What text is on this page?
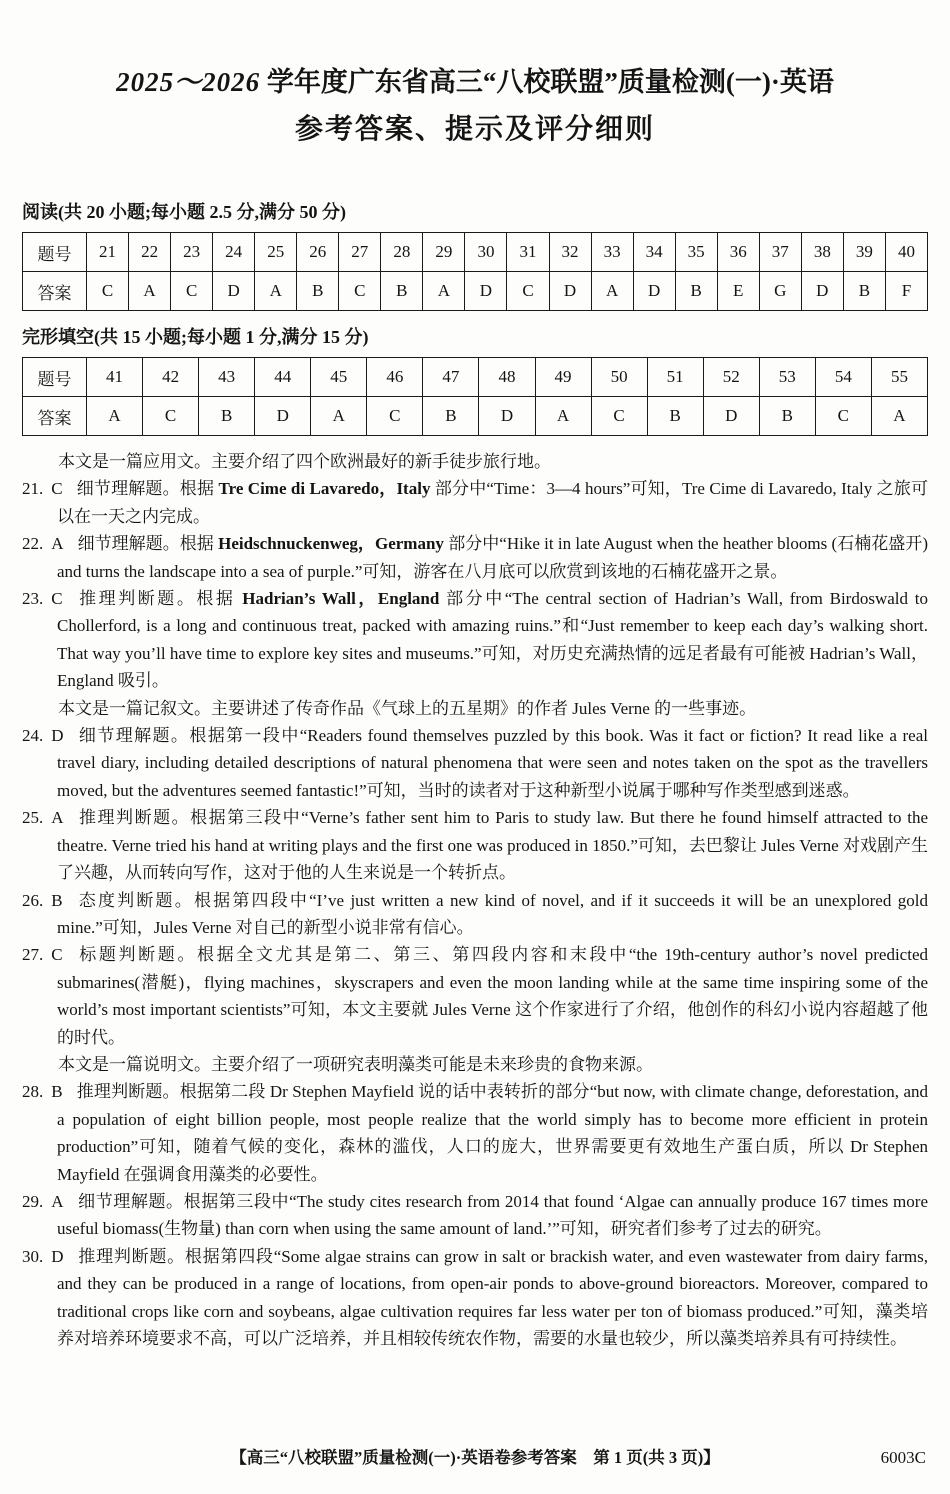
2025～2026 学年度广东省高三“八校联盟”质量检测(一)·英语
参考答案、提示及评分细则
阅读(共 20 小题;每小题 2.5 分,满分 50 分)
题号	21	22	23	24	25	26	27	28	29	30	31	32	33	34	35	36	37	38	39	40
答案	C	A	C	D	A	B	C	B	A	D	C	D	A	D	B	E	G	D	B	F
完形填空(共 15 小题;每小题 1 分,满分 15 分)
题号	41	42	43	44	45	46	47	48	49	50	51	52	53	54	55
答案	A	C	B	D	A	C	B	D	A	C	B	D	B	C	A

本文是一篇应用文。主要介绍了四个欧洲最好的新手徒步旅行地。

21. C 细节理解题。根据 Tre Cime di Lavaredo，Italy 部分中“Time：3—4 hours”可知，Tre Cime di Lavaredo, Italy 之旅可以在一天之内完成。

22. A 细节理解题。根据 Heidschnuckenweg，Germany 部分中“Hike it in late August when the heather blooms (石楠花盛开) and turns the landscape into a sea of purple.”可知，游客在八月底可以欣赏到该地的石楠花盛开之景。

23. C 推理判断题。根据 Hadrian’s Wall，England 部分中“The central section of Hadrian’s Wall, from Birdoswald to Chollerford, is a long and continuous treat, packed with amazing ruins.”和“Just remember to keep each day’s walking short. That way you’ll have time to explore key sites and museums.”可知，对历史充满热情的远足者最有可能被 Hadrian’s Wall，England 吸引。

本文是一篇记叙文。主要讲述了传奇作品《气球上的五星期》的作者 Jules Verne 的一些事迹。

24. D 细节理解题。根据第一段中“Readers found themselves puzzled by this book. Was it fact or fiction? It read like a real travel diary, including detailed descriptions of natural phenomena that were seen and notes taken on the spot as the travellers moved, but the adventures seemed fantastic!”可知，当时的读者对于这种新型小说属于哪种写作类型感到迷惑。

25. A 推理判断题。根据第三段中“Verne’s father sent him to Paris to study law. But there he found himself attracted to the theatre. Verne tried his hand at writing plays and the first one was produced in 1850.”可知，去巴黎让 Jules Verne 对戏剧产生了兴趣，从而转向写作，这对于他的人生来说是一个转折点。

26. B 态度判断题。根据第四段中“I’ve just written a new kind of novel, and if it succeeds it will be an unexplored gold mine.”可知，Jules Verne 对自己的新型小说非常有信心。

27. C 标题判断题。根据全文尤其是第二、第三、第四段内容和末段中“the 19th-century author’s novel predicted submarines(潜艇)，flying machines，skyscrapers and even the moon landing while at the same time inspiring some of the world’s most important scientists”可知，本文主要就 Jules Verne 这个作家进行了介绍，他创作的科幻小说内容超越了他的时代。

本文是一篇说明文。主要介绍了一项研究表明藻类可能是未来珍贵的食物来源。

28. B 推理判断题。根据第二段 Dr Stephen Mayfield 说的话中表转折的部分“but now, with climate change, deforestation, and a population of eight billion people, most people realize that the world simply has to become more efficient in protein production”可知，随着气候的变化，森林的滥伐，人口的庞大，世界需要更有效地生产蛋白质，所以 Dr Stephen Mayfield 在强调食用藻类的必要性。

29. A 细节理解题。根据第三段中“The study cites research from 2014 that found ‘Algae can annually produce 167 times more useful biomass(生物量) than corn when using the same amount of land.’”可知，研究者们参考了过去的研究。

30. D 推理判断题。根据第四段“Some algae strains can grow in salt or brackish water, and even wastewater from dairy farms, and they can be produced in a range of locations, from open-air ponds to above-ground bioreactors. Moreover, compared to traditional crops like corn and soybeans, algae cultivation requires far less water per ton of biomass produced.”可知，藻类培养对培养环境要求不高，可以广泛培养，并且相较传统农作物，需要的水量也较少，所以藻类培养具有可持续性。

【高三“八校联盟”质量检测(一)·英语卷参考答案　第 1 页(共 3 页)】	6003C
